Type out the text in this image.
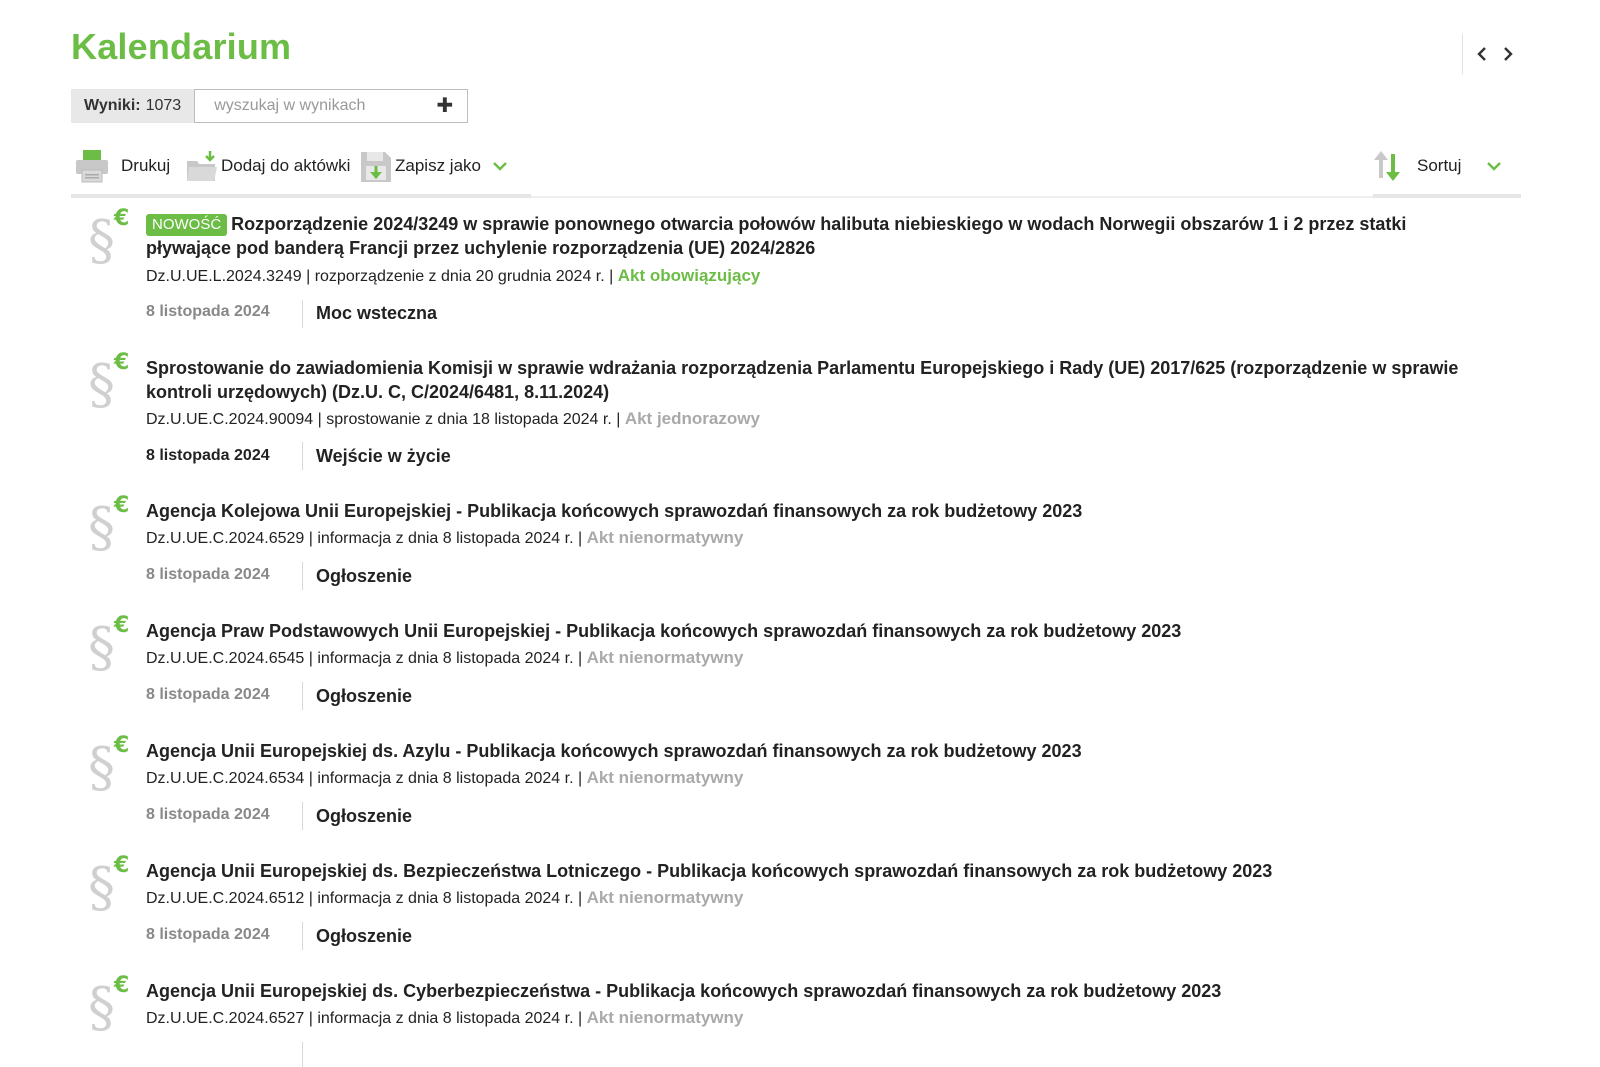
Kalendarium
Wyniki: 1073
wyszukaj w wynikach	✚
Drukuj	Dodaj do aktówki	Zapisz jako	Sortuj
§ €	NOWOŚĆ Rozporządzenie 2024/3249 w sprawie ponownego otwarcia połowów halibuta niebieskiego w wodach Norwegii obszarów 1 i 2 przez statki pływające pod banderą Francji przez uchylenie rozporządzenia (UE) 2024/2826
Dz.U.UE.L.2024.3249 | rozporządzenie z dnia 20 grudnia 2024 r. | Akt obowiązujący
8 listopada 2024	Moc wsteczna
§ € Sprostowanie do zawiadomienia Komisji w sprawie wdrażania rozporządzenia Parlamentu Europejskiego i Rady (UE) 2017/625 (rozporządzenie w sprawie kontroli urzędowych) (Dz.U. C, C/2024/6481, 8.11.2024)
Dz.U.UE.C.2024.90094 | sprostowanie z dnia 18 listopada 2024 r. | Akt jednorazowy
8 listopada 2024	Wejście w życie
§ € Agencja Kolejowa Unii Europejskiej - Publikacja końcowych sprawozdań finansowych za rok budżetowy 2023
Dz.U.UE.C.2024.6529 | informacja z dnia 8 listopada 2024 r. | Akt nienormatywny
8 listopada 2024	Ogłoszenie
§ € Agencja Praw Podstawowych Unii Europejskiej - Publikacja końcowych sprawozdań finansowych za rok budżetowy 2023
Dz.U.UE.C.2024.6545 | informacja z dnia 8 listopada 2024 r. | Akt nienormatywny
8 listopada 2024	Ogłoszenie
§ € Agencja Unii Europejskiej ds. Azylu - Publikacja końcowych sprawozdań finansowych za rok budżetowy 2023
Dz.U.UE.C.2024.6534 | informacja z dnia 8 listopada 2024 r. | Akt nienormatywny
8 listopada 2024	Ogłoszenie
§ € Agencja Unii Europejskiej ds. Bezpieczeństwa Lotniczego - Publikacja końcowych sprawozdań finansowych za rok budżetowy 2023
Dz.U.UE.C.2024.6512 | informacja z dnia 8 listopada 2024 r. | Akt nienormatywny
8 listopada 2024	Ogłoszenie
§ € Agencja Unii Europejskiej ds. Cyberbezpieczeństwa - Publikacja końcowych sprawozdań finansowych za rok budżetowy 2023
Dz.U.UE.C.2024.6527 | informacja z dnia 8 listopada 2024 r. | Akt nienormatywny
